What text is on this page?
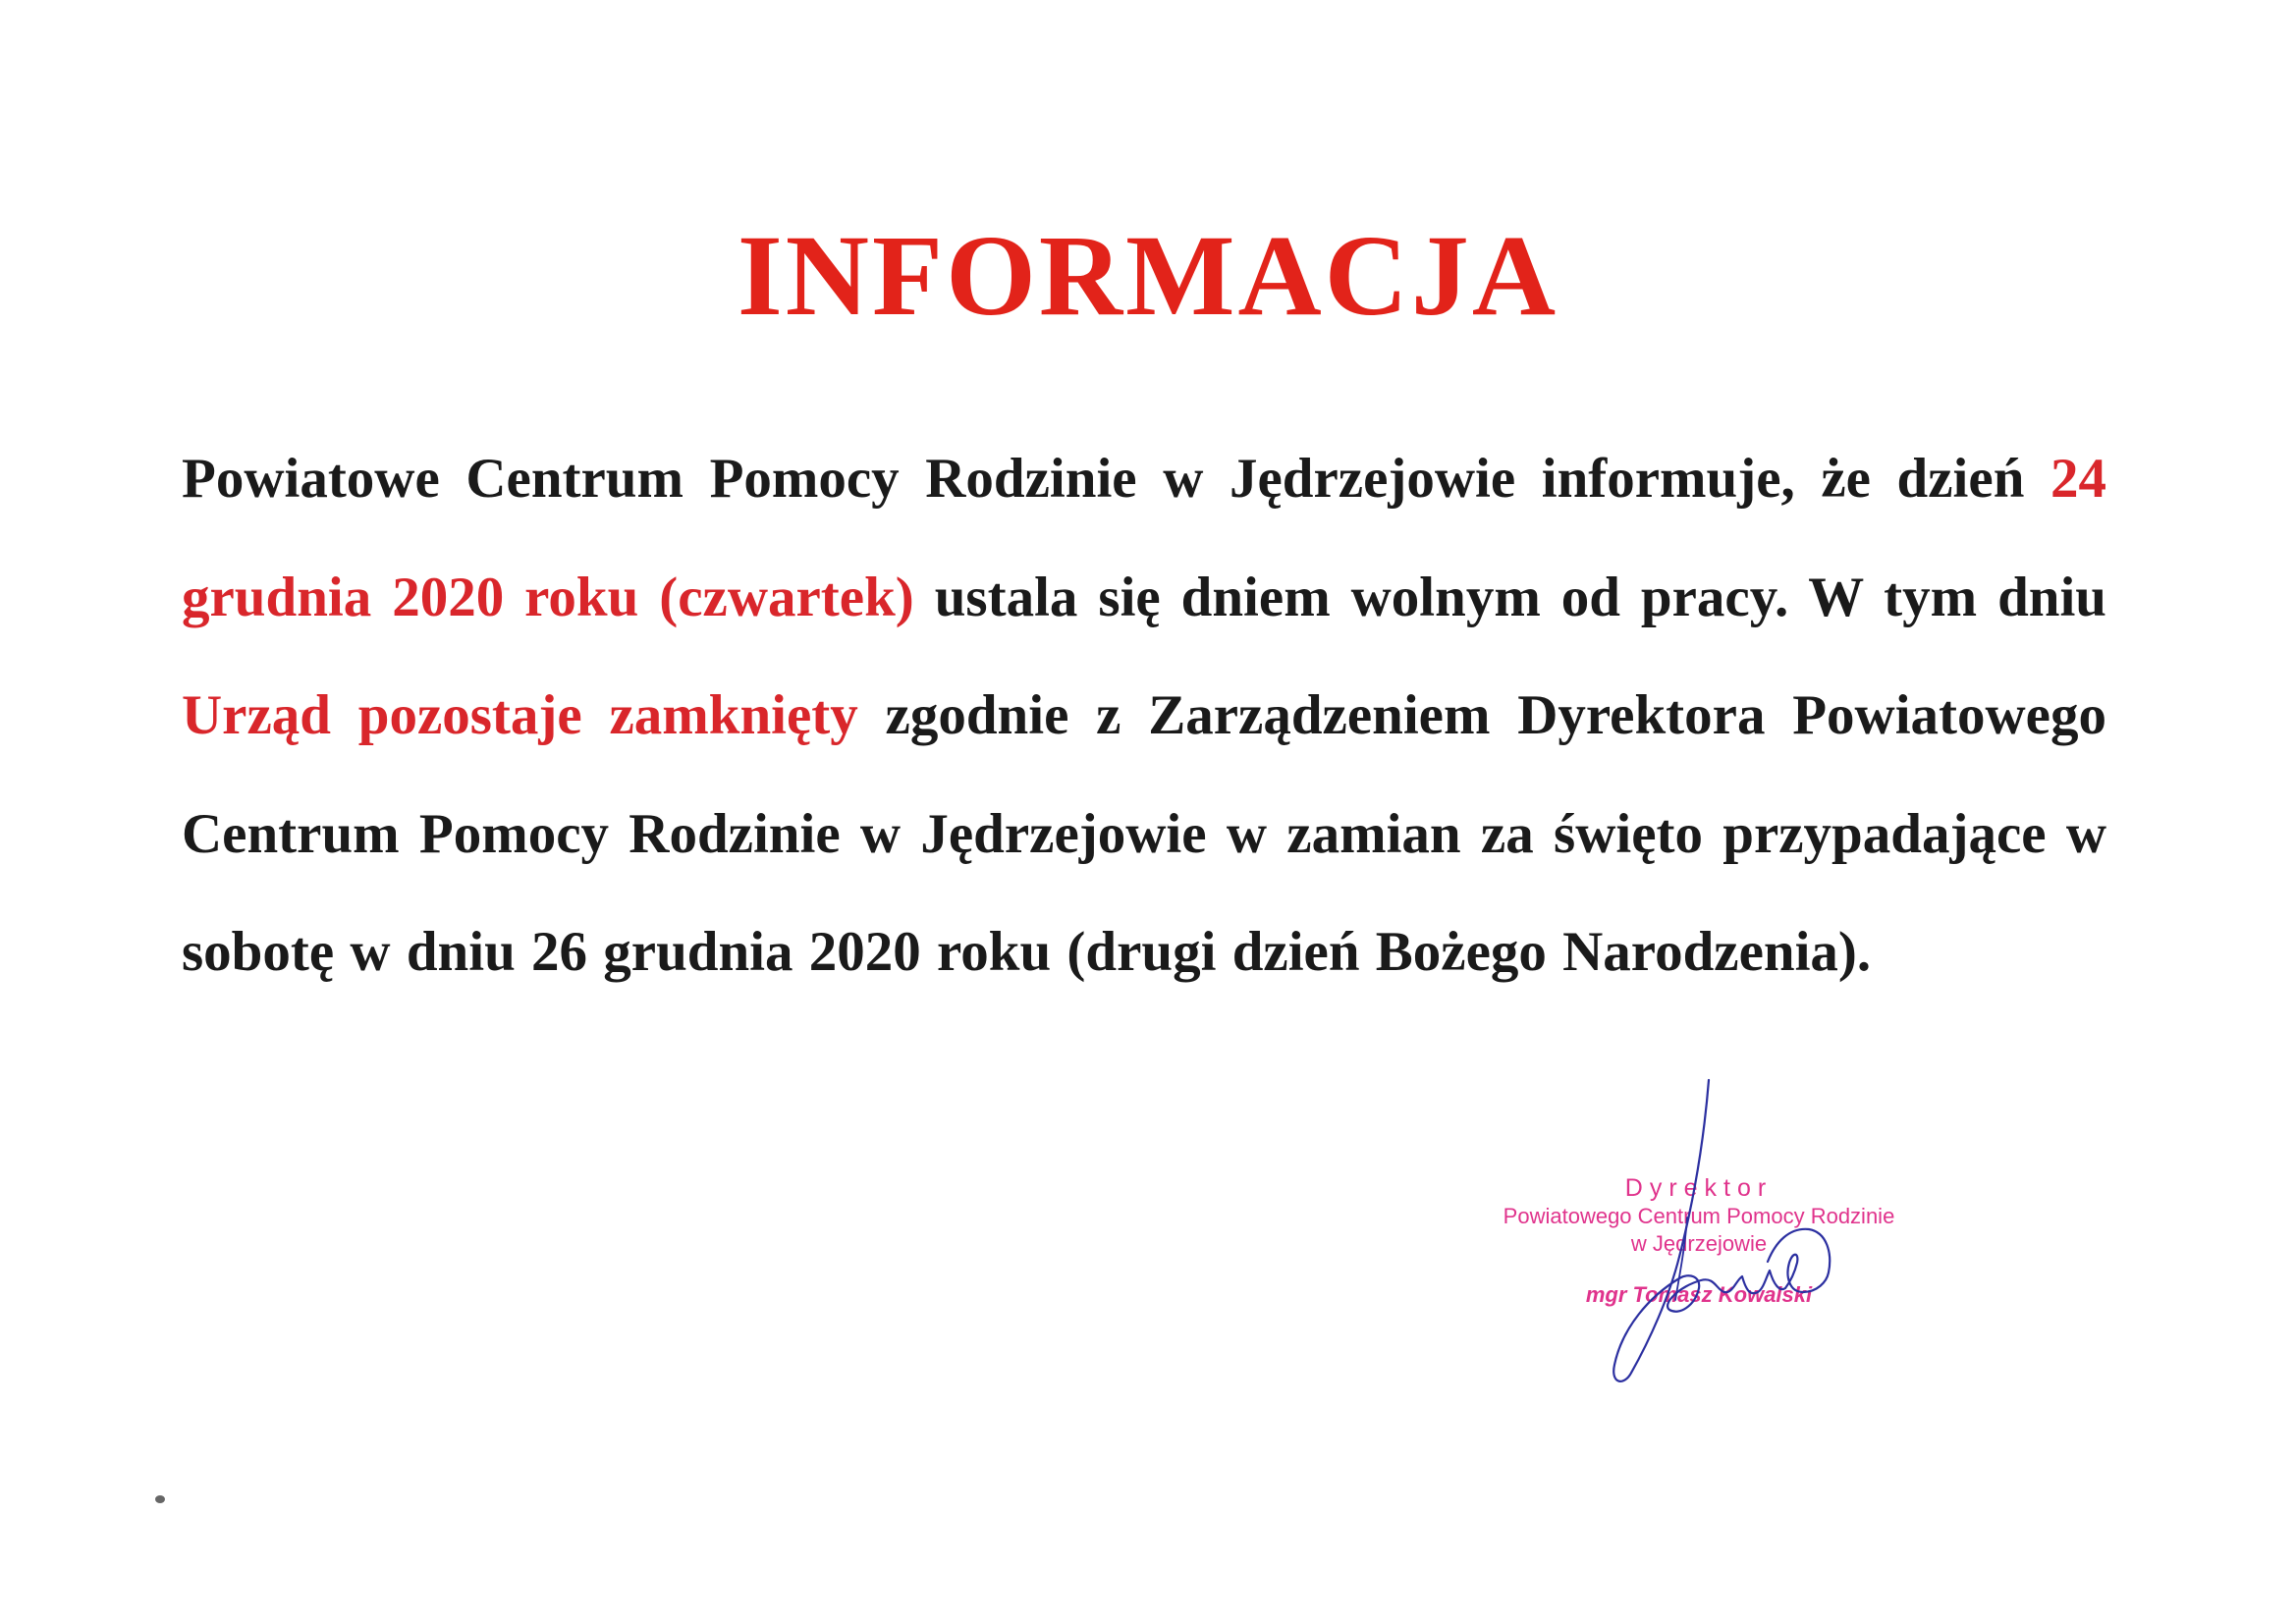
INFORMACJA

Powiatowe Centrum Pomocy Rodzinie w Jędrzejowie informuje, że dzień 24 grudnia 2020 roku (czwartek) ustala się dniem wolnym od pracy. W tym dniu Urząd pozostaje zamknięty zgodnie z Zarządzeniem Dyrektora Powiatowego Centrum Pomocy Rodzinie w Jędrzejowie w zamian za święto przypadające w sobotę w dniu 26 grudnia 2020 roku (drugi dzień Bożego Narodzenia).

Dyrektor
Powiatowego Centrum Pomocy Rodzinie
w Jędrzejowie
mgr Tomasz Kowalski
